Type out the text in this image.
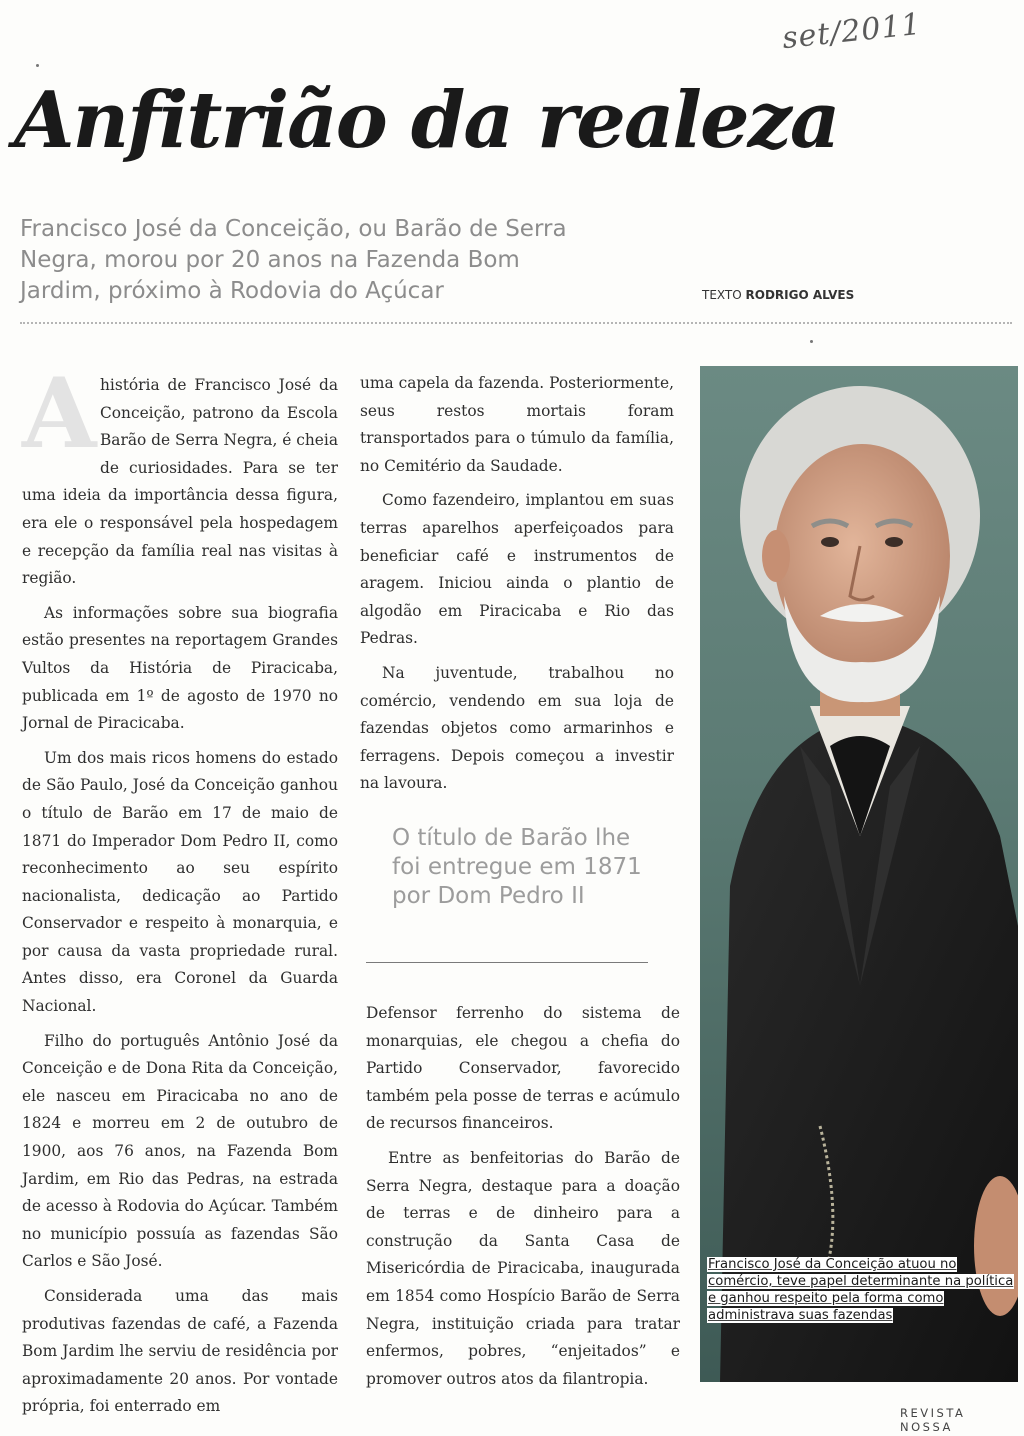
set/2011
Anfitrião da realeza
Francisco José da Conceição, ou Barão de Serra Negra, morou por 20 anos na Fazenda Bom Jardim, próximo à Rodovia do Açúcar	TEXTO RODRIGO ALVES

Ahistória de Francisco José da Conceição, patrono da Escola Barão de Serra Negra, é cheia de curiosidades. Para se ter uma ideia da importância dessa figura, era ele o responsável pela hospedagem e recepção da família real nas visitas à região.

As informações sobre sua biografia estão presentes na reportagem Grandes Vultos da História de Piracicaba, publicada em 1º de agosto de 1970 no Jornal de Piracicaba.

Um dos mais ricos homens do estado de São Paulo, José da Conceição ganhou o título de Barão em 17 de maio de 1871 do Imperador Dom Pedro II, como reconhecimento ao seu espírito nacionalista, dedicação ao Partido Conservador e respeito à monarquia, e por causa da vasta propriedade rural. Antes disso, era Coronel da Guarda Nacional.

Filho do português Antônio José da Conceição e de Dona Rita da Conceição, ele nasceu em Piracicaba no ano de 1824 e morreu em 2 de outubro de 1900, aos 76 anos, na Fazenda Bom Jardim, em Rio das Pedras, na estrada de acesso à Rodovia do Açúcar. Também no município possuía as fazendas São Carlos e São José.

Considerada uma das mais produtivas fazendas de café, a Fazenda Bom Jardim lhe serviu de residência por aproximadamente 20 anos. Por vontade própria, foi enterrado em

uma capela da fazenda. Posteriormente, seus restos mortais foram transportados para o túmulo da família, no Cemitério da Saudade.

Como fazendeiro, implantou em suas terras aparelhos aperfeiçoados para beneficiar café e instrumentos de aragem. Iniciou ainda o plantio de algodão em Piracicaba e Rio das Pedras.

Na juventude, trabalhou no comércio, vendendo em sua loja de fazendas objetos como armarinhos e ferragens. Depois começou a investir na lavoura.

O título de Barão lhe foi entregue em 1871 por Dom Pedro II

Defensor ferrenho do sistema de monarquias, ele chegou a chefia do Partido Conservador, favorecido também pela posse de terras e acúmulo de recursos financeiros.

Entre as benfeitorias do Barão de Serra Negra, destaque para a doação de terras e de dinheiro para a construção da Santa Casa de Misericórdia de Piracicaba, inaugurada em 1854 como Hospício Barão de Serra Negra, instituição criada para tratar enfermos, pobres, “enjeitados” e promover outros atos da filantropia.

Francisco José da Conceição atuou no comércio, teve papel determinante na política e ganhou respeito pela forma como administrava suas fazendas
REVISTA NOSSA
